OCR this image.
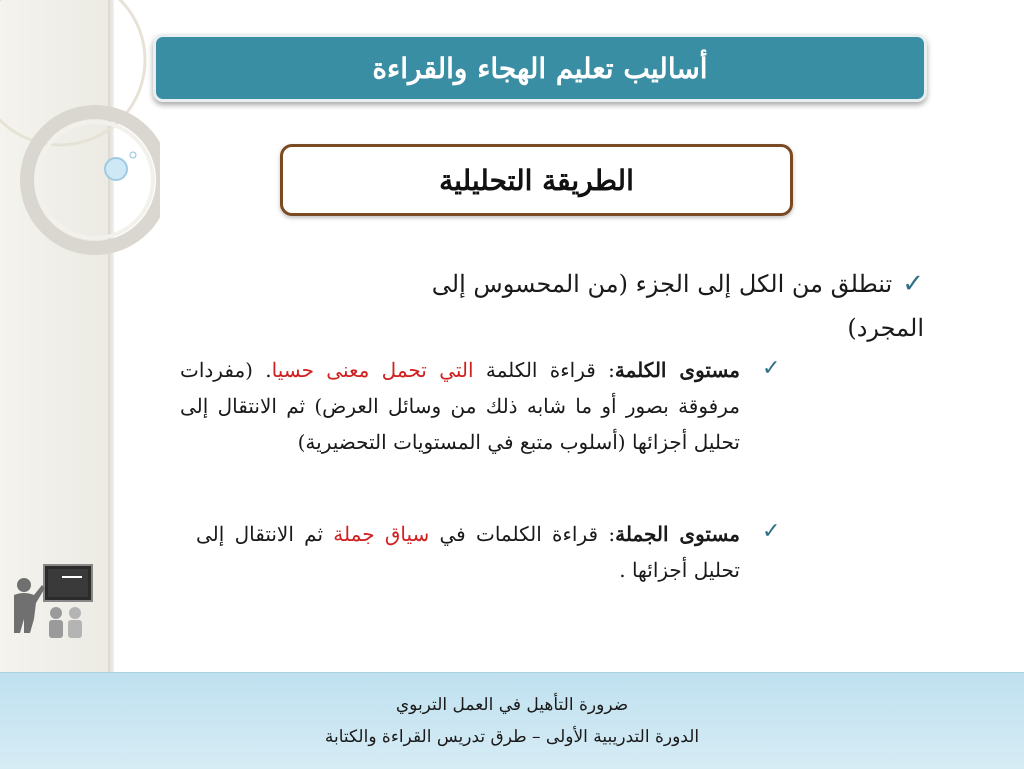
أساليب تعليم الهجاء والقراءة
الطريقة التحليلية
✓تنطلق من الكل إلى الجزء (من المحسوس إلى المجرد)
✓
مستوى الكلمة: قراءة الكلمة التي تحمل معنى حسيا. (مفردات مرفوقة بصور أو ما شابه ذلك من وسائل العرض) ثم الانتقال إلى تحليل أجزائها (أسلوب متبع في المستويات التحضيرية)
✓
مستوى الجملة: قراءة الكلمات في سياق جملة ثم الانتقال إلى تحليل أجزائها .
ضرورة التأهيل في العمل التربوي
الدورة التدريبية الأولى – طرق تدريس القراءة والكتابة
